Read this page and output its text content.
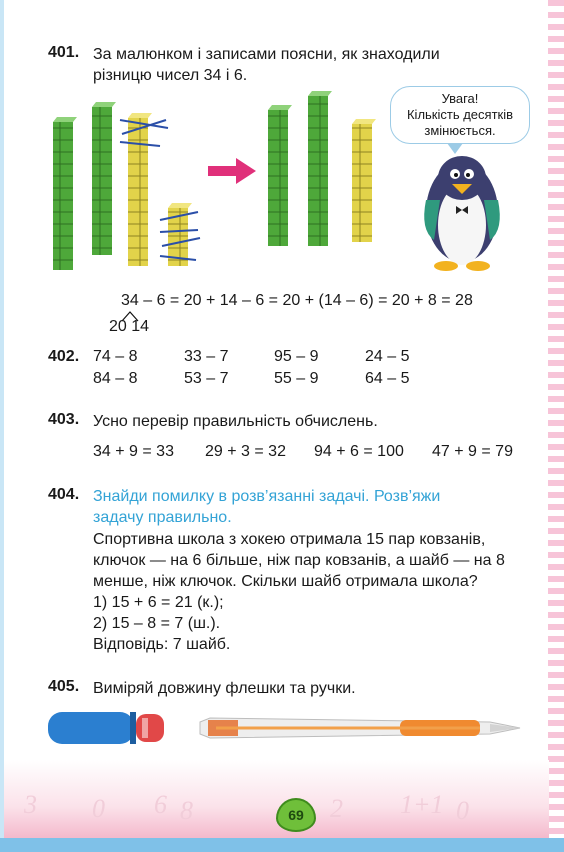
3 0 6 8	2 1+1 0
401. За малюнком і записами поясни, як знаходили
різницю чисел 34 і 6.
Увага!
Кількість десятків
змінюється.
34 – 6 = 20 + 14 – 6 = 20 + (14 – 6) = 20 + 8 = 28
20 14
402. 74 – 8	33 – 7	95 – 9	24 – 5
84 – 8	53 – 7	55 – 9	64 – 5
403. Усно перевір правильність обчислень.
34 + 9 = 33 29 + 3 = 32 94 + 6 = 100 47 + 9 = 79
404. Знайди помилку в розв’язанні задачі. Розв’яжи
задачу правильно.
Спортивна школа з хокею отримала 15 пар ковзанів,
ключок — на 6 більше, ніж пар ковзанів, а шайб — на 8
менше, ніж ключок. Скільки шайб отримала школа?
1) 15 + 6 = 21 (к.);
2) 15 – 8 = 7 (ш.).
Відповідь: 7 шайб.
405. Виміряй довжину флешки та ручки.
69
